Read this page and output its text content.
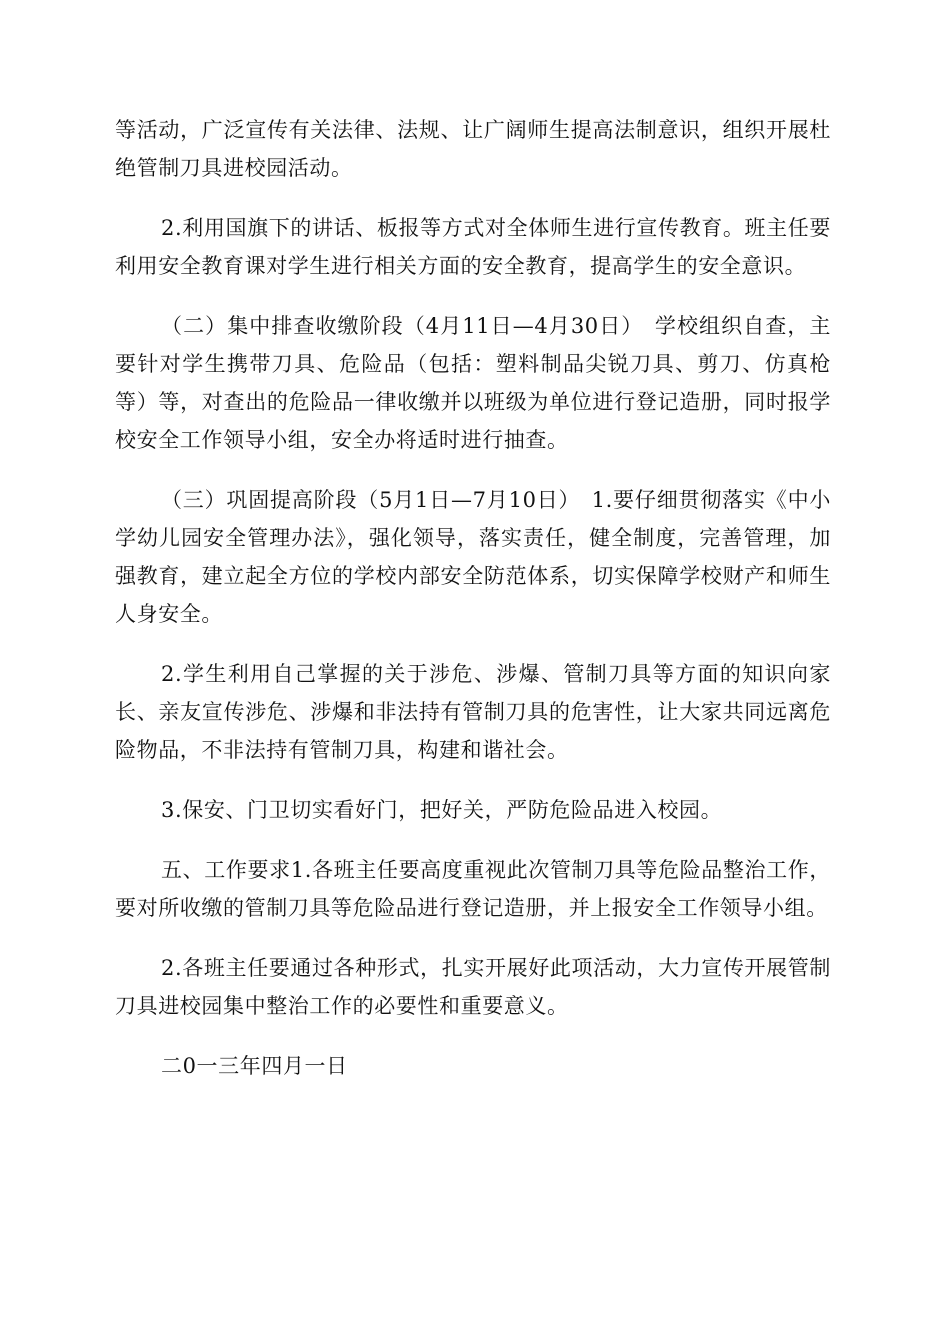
等活动，广泛宣传有关法律、法规、让广阔师生提高法制意识，组织开展杜绝管制刀具进校园活动。

2.利用国旗下的讲话、板报等方式对全体师生进行宣传教育。班主任要利用安全教育课对学生进行相关方面的安全教育，提高学生的安全意识。

（二）集中排查收缴阶段（4月11日—4月30日）　学校组织自查，主要针对学生携带刀具、危险品（包括：塑料制品尖锐刀具、剪刀、仿真枪等）等，对查出的危险品一律收缴并以班级为单位进行登记造册，同时报学校安全工作领导小组，安全办将适时进行抽查。

（三）巩固提高阶段（5月1日—7月10日）　1.要仔细贯彻落实《中小学幼儿园安全管理办法》，强化领导，落实责任，健全制度，完善管理，加强教育，建立起全方位的学校内部安全防范体系，切实保障学校财产和师生人身安全。

2.学生利用自己掌握的关于涉危、涉爆、管制刀具等方面的知识向家长、亲友宣传涉危、涉爆和非法持有管制刀具的危害性，让大家共同远离危险物品，不非法持有管制刀具，构建和谐社会。

3.保安、门卫切实看好门，把好关，严防危险品进入校园。

五、工作要求1.各班主任要高度重视此次管制刀具等危险品整治工作，要对所收缴的管制刀具等危险品进行登记造册，并上报安全工作领导小组。

2.各班主任要通过各种形式，扎实开展好此项活动，大力宣传开展管制刀具进校园集中整治工作的必要性和重要意义。

二0一三年四月一日
